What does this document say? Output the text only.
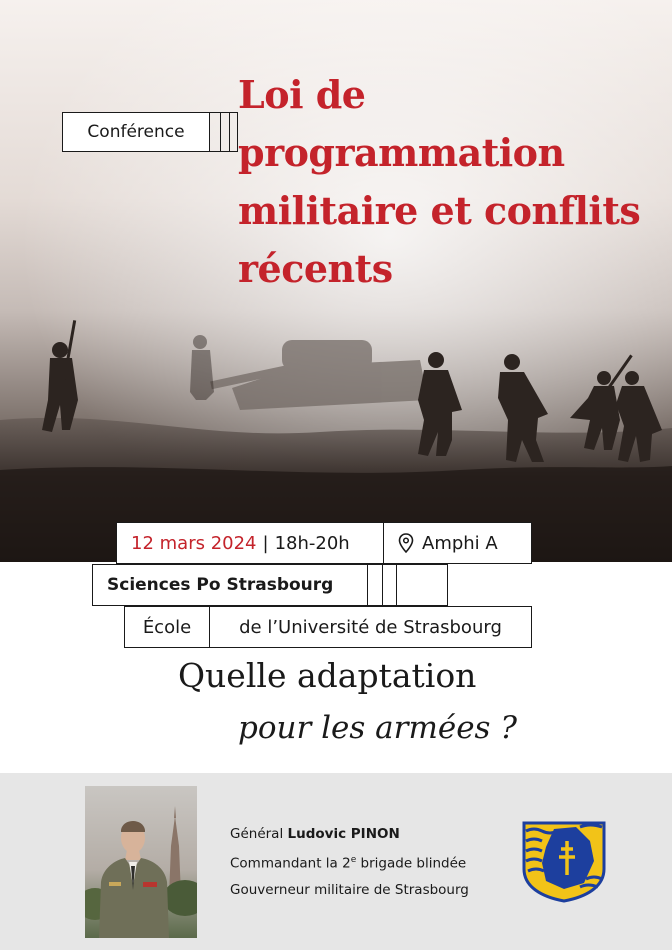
Loi de
programmation
militaire et conflits
récents
Conférence
12 mars 2024 | 18h-20h	Amphi A
Sciences Po Strasbourg
École	de l’Université de Strasbourg
Quelle adaptation
pour les armées ?
Général Ludovic PINON
Commandant la 2e brigade blindée
Gouverneur militaire de Strasbourg
